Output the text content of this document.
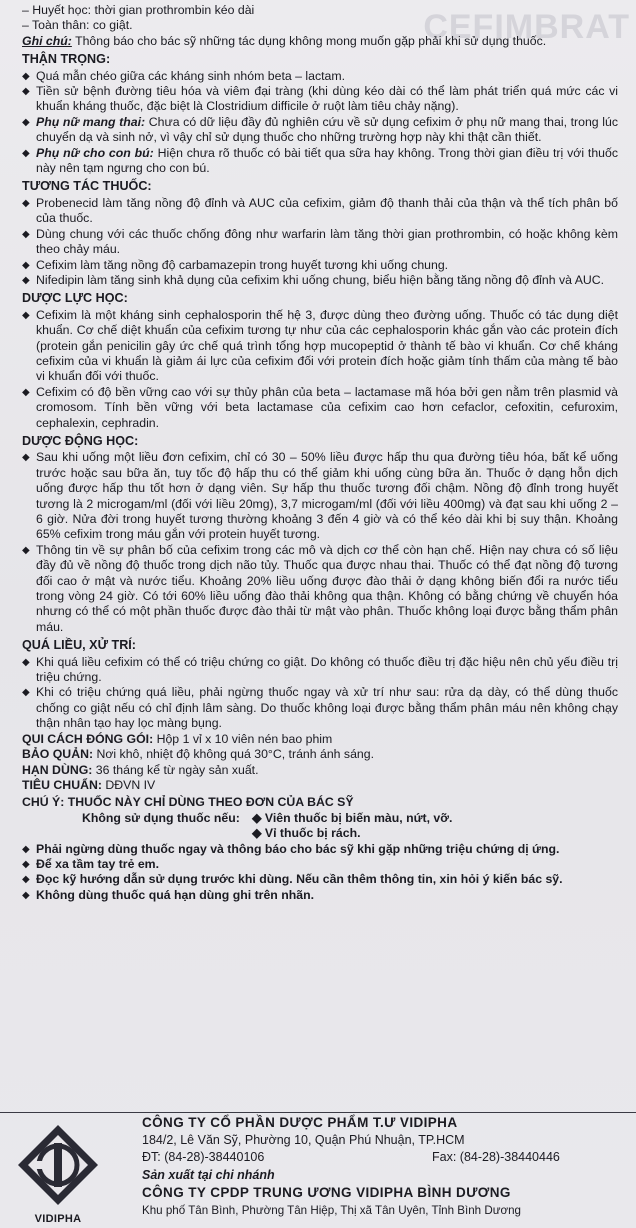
CEFIMBRAT

– Huyết học: thời gian prothrombin kéo dài

– Toàn thân: co giật.

Ghi chú: Thông báo cho bác sỹ những tác dụng không mong muốn gặp phải khi sử dụng thuốc.

THẬN TRỌNG:
◆ Quá mẫn chéo giữa các kháng sinh nhóm beta – lactam.
◆ Tiền sử bệnh đường tiêu hóa và viêm đại tràng (khi dùng kéo dài có thể làm phát triển quá mức các vi khuẩn kháng thuốc, đặc biệt là Clostridium difficile ở ruột làm tiêu chảy nặng).
◆ Phụ nữ mang thai: Chưa có dữ liệu đầy đủ nghiên cứu về sử dụng cefixim ở phụ nữ mang thai, trong lúc chuyển dạ và sinh nở, vì vậy chỉ sử dụng thuốc cho những trường hợp này khi thật cần thiết.
◆ Phụ nữ cho con bú: Hiện chưa rõ thuốc có bài tiết qua sữa hay không. Trong thời gian điều trị với thuốc này nên tạm ngưng cho con bú.
TƯƠNG TÁC THUỐC:
◆ Probenecid làm tăng nồng độ đỉnh và AUC của cefixim, giảm độ thanh thải của thận và thể tích phân bố của thuốc.
◆ Dùng chung với các thuốc chống đông như warfarin làm tăng thời gian prothrombin, có hoặc không kèm theo chảy máu.
◆ Cefixim làm tăng nồng độ carbamazepin trong huyết tương khi uống chung.
◆ Nifedipin làm tăng sinh khả dụng của cefixim khi uống chung, biểu hiện bằng tăng nồng độ đỉnh và AUC.
DƯỢC LỰC HỌC:
◆ Cefixim là một kháng sinh cephalosporin thế hệ 3, được dùng theo đường uống. Thuốc có tác dụng diệt khuẩn. Cơ chế diệt khuẩn của cefixim tương tự như của các cephalosporin khác gắn vào các protein đích (protein gắn penicilin gây ức chế quá trình tổng hợp mucopeptid ở thành tế bào vi khuẩn. Cơ chế kháng cefixim của vi khuẩn là giảm ái lực của cefixim đối với protein đích hoặc giảm tính thấm của màng tế bào vi khuẩn đối với thuốc.
◆ Cefixim có độ bền vững cao với sự thủy phân của beta – lactamase mã hóa bởi gen nằm trên plasmid và cromosom. Tính bền vững với beta lactamase của cefixim cao hơn cefaclor, cefoxitin, cefuroxim, cephalexin, cephradin.
DƯỢC ĐỘNG HỌC:
◆ Sau khi uống một liều đơn cefixim, chỉ có 30 – 50% liều được hấp thu qua đường tiêu hóa, bất kể uống trước hoặc sau bữa ăn, tuy tốc độ hấp thu có thể giảm khi uống cùng bữa ăn. Thuốc ở dạng hỗn dịch uống được hấp thu tốt hơn ở dạng viên. Sự hấp thu thuốc tương đối chậm. Nồng độ đỉnh trong huyết tương là 2 microgam/ml (đối với liều 20mg), 3,7 microgam/ml (đối với liều 400mg) và đạt sau khi uống 2 – 6 giờ. Nửa đời trong huyết tương thường khoảng 3 đến 4 giờ và có thể kéo dài khi bị suy thận. Khoảng 65% cefixim trong máu gắn với protein huyết tương.
◆ Thông tin về sự phân bố của cefixim trong các mô và dịch cơ thể còn hạn chế. Hiện nay chưa có số liệu đầy đủ về nồng độ thuốc trong dịch não tủy. Thuốc qua được nhau thai. Thuốc có thể đạt nồng độ tương đối cao ở mật và nước tiểu. Khoảng 20% liều uống được đào thải ở dạng không biến đổi ra nước tiểu trong vòng 24 giờ. Có tới 60% liều uống đào thải không qua thận. Không có bằng chứng về chuyển hóa nhưng có thể có một phần thuốc được đào thải từ mật vào phân. Thuốc không loại được bằng thẩm phân máu.
QUÁ LIỀU, XỬ TRÍ:
◆ Khi quá liều cefixim có thể có triệu chứng co giật. Do không có thuốc điều trị đặc hiệu nên chủ yếu điều trị triệu chứng.
◆ Khi có triệu chứng quá liều, phải ngừng thuốc ngay và xử trí như sau: rửa dạ dày, có thể dùng thuốc chống co giật nếu có chỉ định lâm sàng. Do thuốc không loại được bằng thẩm phân máu nên không chạy thận nhân tạo hay lọc màng bụng.

QUI CÁCH ĐÓNG GÓI: Hộp 1 vỉ x 10 viên nén bao phim

BẢO QUẢN: Nơi khô, nhiệt độ không quá 30°C, tránh ánh sáng.

HẠN DÙNG: 36 tháng kể từ ngày sản xuất.

TIÊU CHUẨN: DĐVN IV

CHÚ Ý: THUỐC NÀY CHỈ DÙNG THEO ĐƠN CỦA BÁC SỸ

Không sử dụng thuốc nếu: ◆ Viên thuốc bị biến màu, nứt, vỡ.
◆ Vỉ thuốc bị rách.
◆ Phải ngừng dùng thuốc ngay và thông báo cho bác sỹ khi gặp những triệu chứng dị ứng.
◆ Để xa tầm tay trẻ em.
◆ Đọc kỹ hướng dẫn sử dụng trước khi dùng. Nếu cần thêm thông tin, xin hỏi ý kiến bác sỹ.
◆ Không dùng thuốc quá hạn dùng ghi trên nhãn.
VIDIPHA
CÔNG TY CỔ PHẦN DƯỢC PHẨM T.Ư VIDIPHA
184/2, Lê Văn Sỹ, Phường 10, Quận Phú Nhuận, TP.HCM
ĐT: (84-28)-38440106	Fax: (84-28)-38440446
Sản xuất tại chi nhánh
CÔNG TY CPDP TRUNG ƯƠNG VIDIPHA BÌNH DƯƠNG
Khu phố Tân Bình, Phường Tân Hiệp, Thị xã Tân Uyên, Tỉnh Bình Dương
